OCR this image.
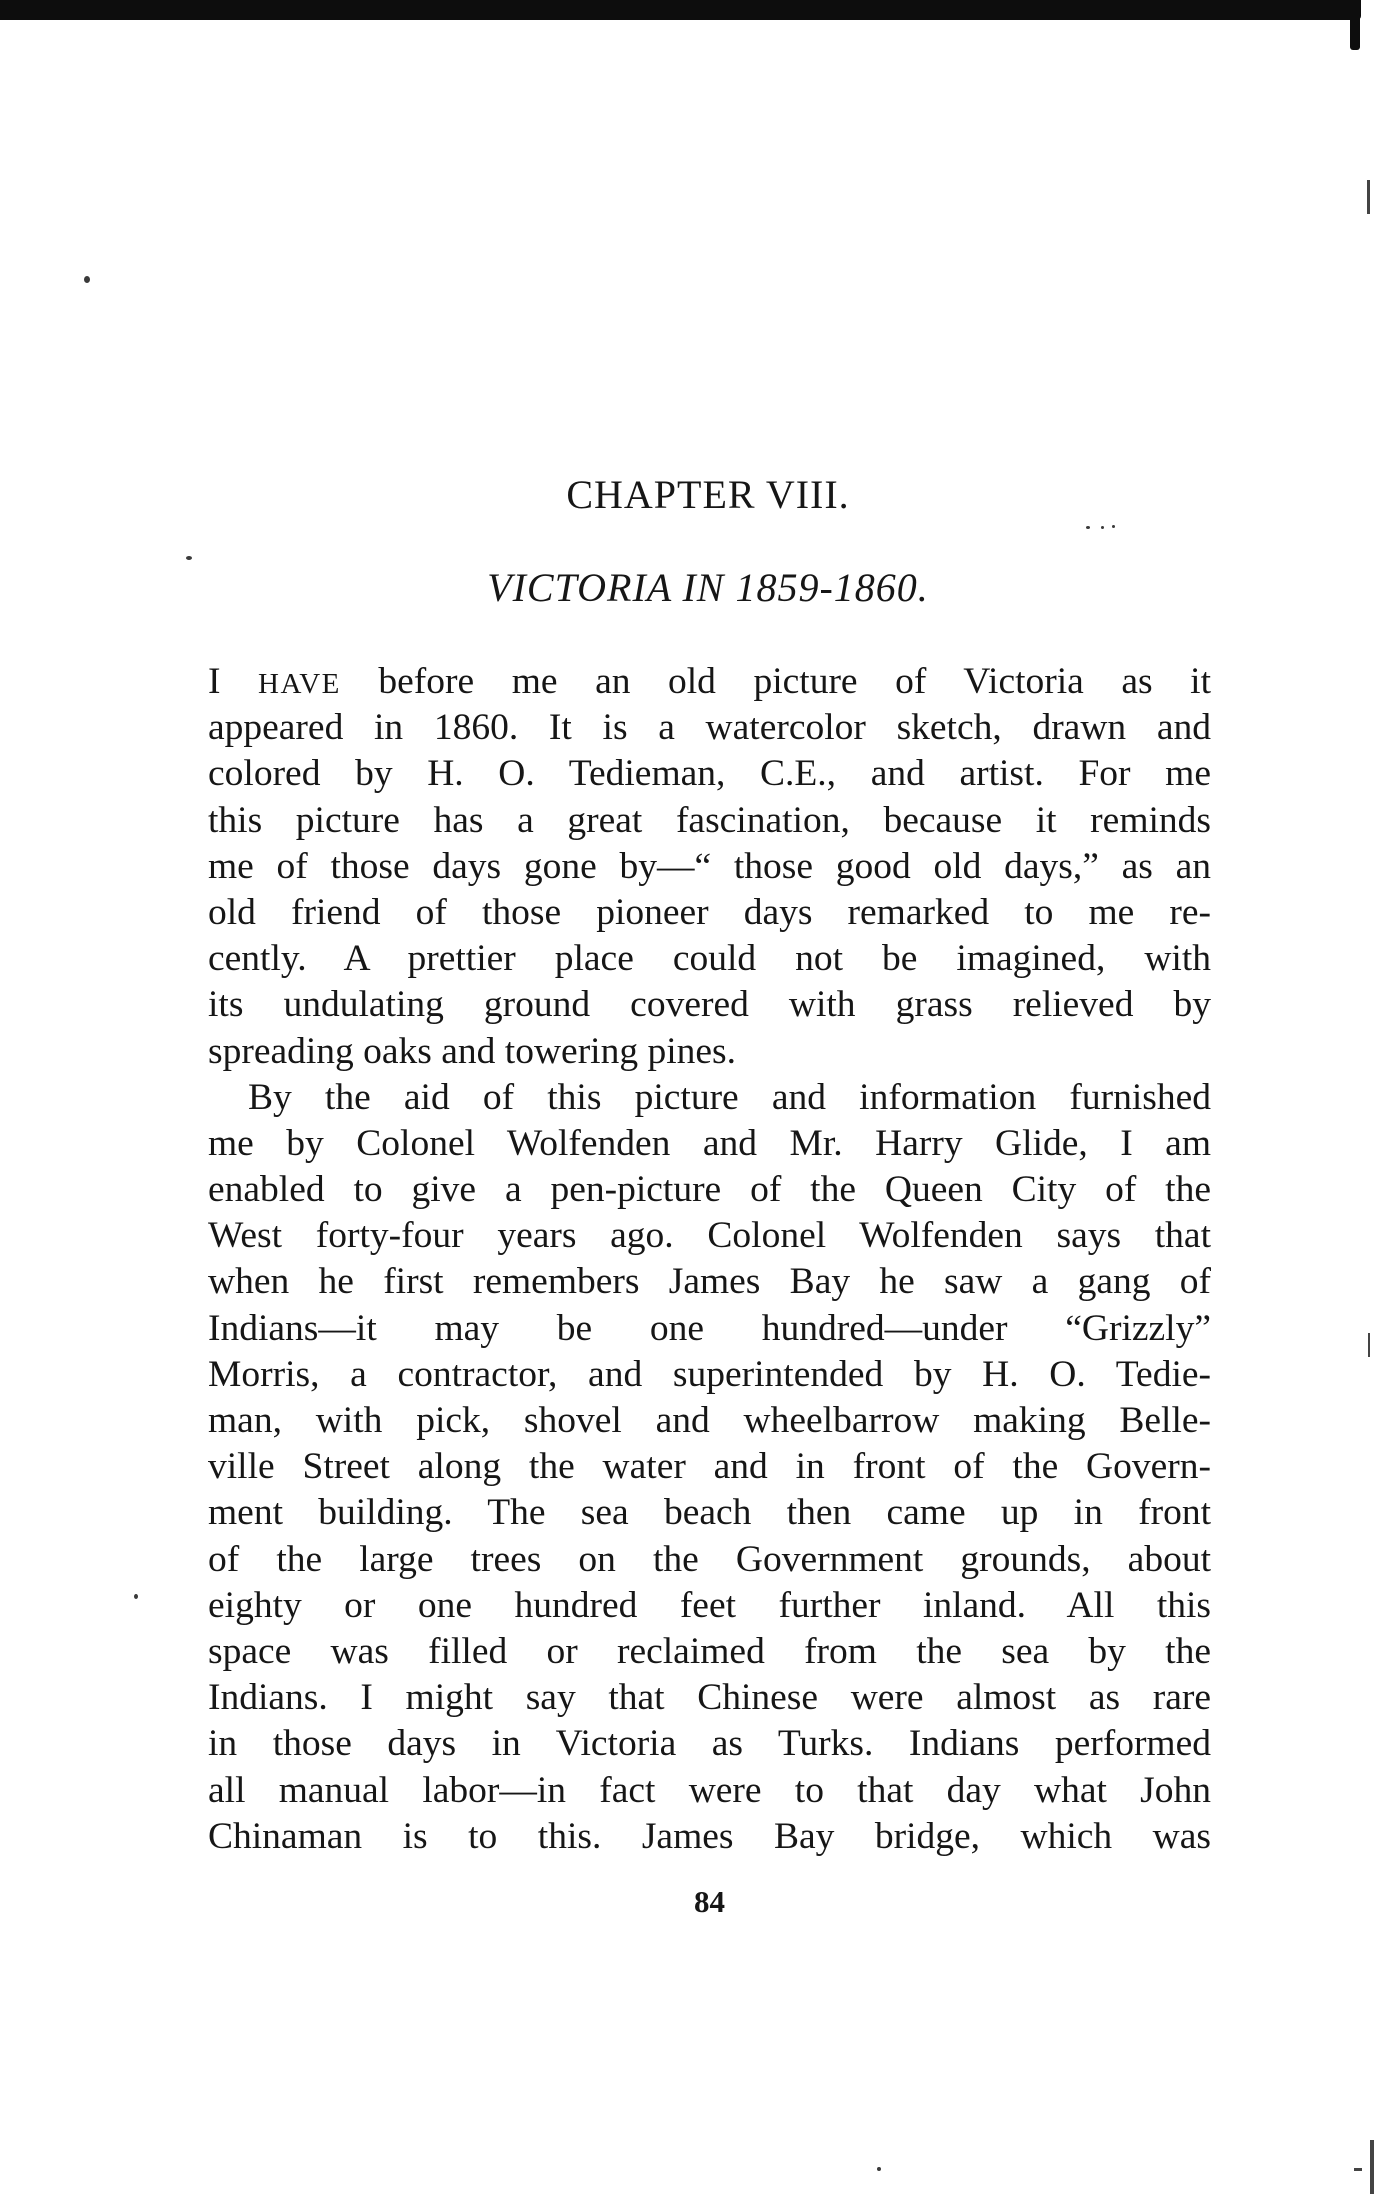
CHAPTER VIII.
VICTORIA IN 1859-1860.
I HAVE before me an old picture of Victoria as it
appeared in 1860. It is a watercolor sketch, drawn and
colored by H. O. Tedieman, C.E., and artist. For me
this picture has a great fascination, because it reminds
me of those days gone by—“ those good old days,” as an
old friend of those pioneer days remarked to me re-
cently. A prettier place could not be imagined, with
its undulating ground covered with grass relieved by
spreading oaks and towering pines.
By the aid of this picture and information furnished
me by Colonel Wolfenden and Mr. Harry Glide, I am
enabled to give a pen-picture of the Queen City of the
West forty-four years ago. Colonel Wolfenden says that
when he first remembers James Bay he saw a gang of
Indians—it may be one hundred—under “Grizzly”
Morris, a contractor, and superintended by H. O. Tedie-
man, with pick, shovel and wheelbarrow making Belle-
ville Street along the water and in front of the Govern-
ment building. The sea beach then came up in front
of the large trees on the Government grounds, about
eighty or one hundred feet further inland. All this
space was filled or reclaimed from the sea by the
Indians. I might say that Chinese were almost as rare
in those days in Victoria as Turks. Indians performed
all manual labor—in fact were to that day what John
Chinaman is to this. James Bay bridge, which was
84
